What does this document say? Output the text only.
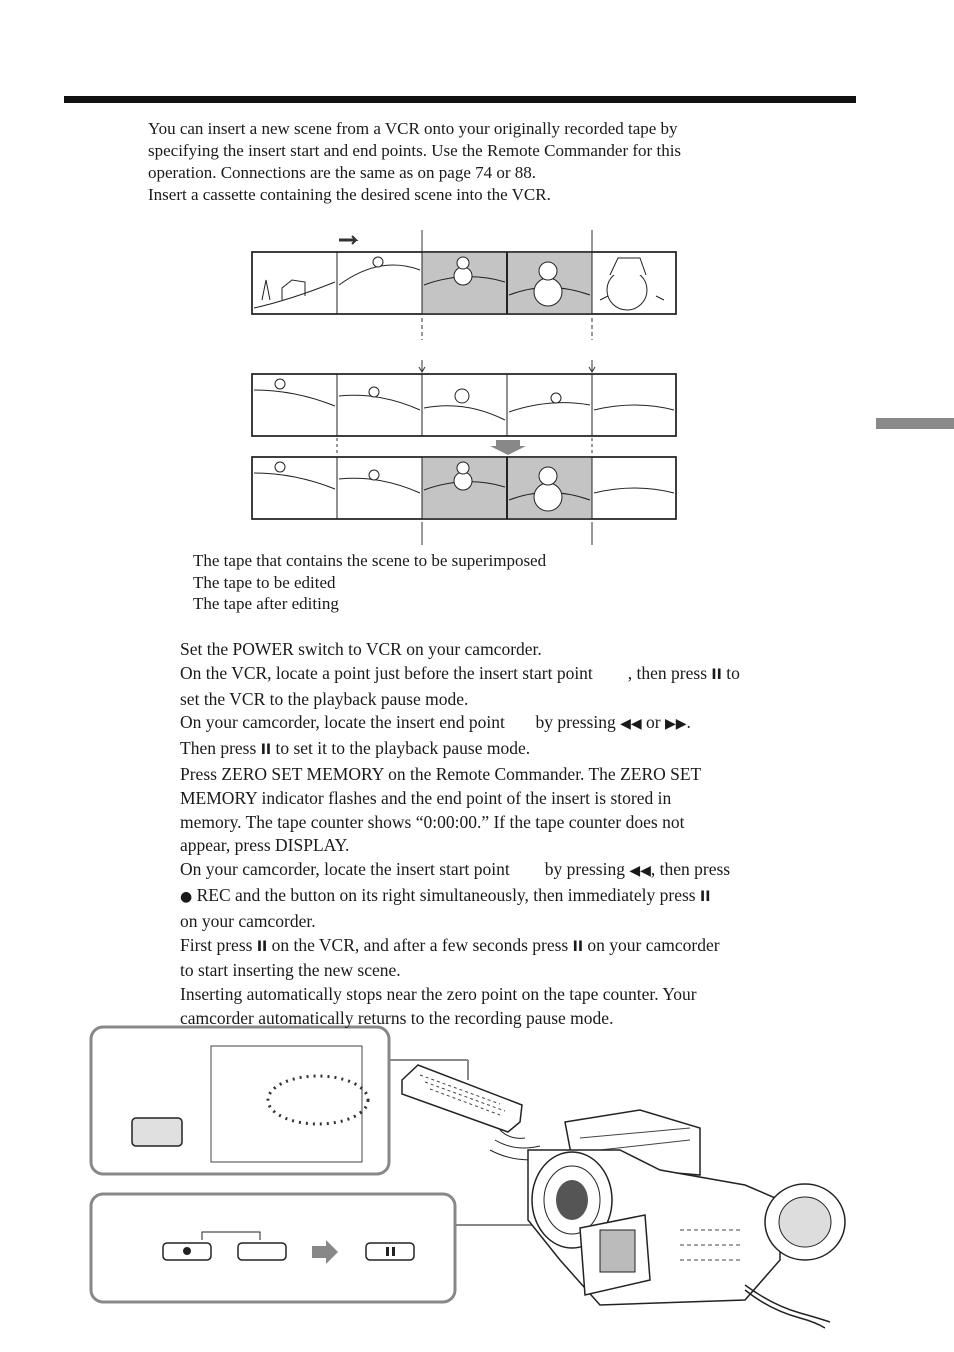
You can insert a new scene from a VCR onto your originally recorded tape by

specifying the insert start and end points. Use the Remote Commander for this

operation. Connections are the same as on page 74 or 88.

Insert a cassette containing the desired scene into the VCR.

The tape that contains the scene to be superimposed
The tape to be edited
The tape after editing

Set the POWER switch to VCR on your camcorder.

On the VCR, locate a point just before the insert start point , then press II to

set the VCR to the playback pause mode.

On your camcorder, locate the insert end point by pressing ◀◀ or ▶▶.

Then press II to set it to the playback pause mode.

Press ZERO SET MEMORY on the Remote Commander. The ZERO SET

MEMORY indicator flashes and the end point of the insert is stored in

memory. The tape counter shows “0:00:00.” If the tape counter does not

appear, press DISPLAY.

On your camcorder, locate the insert start point by pressing ◀◀, then press

● REC and the button on its right simultaneously, then immediately press II

on your camcorder.

First press II on the VCR, and after a few seconds press II on your camcorder

to start inserting the new scene.

Inserting automatically stops near the zero point on the tape counter. Your

camcorder automatically returns to the recording pause mode.
